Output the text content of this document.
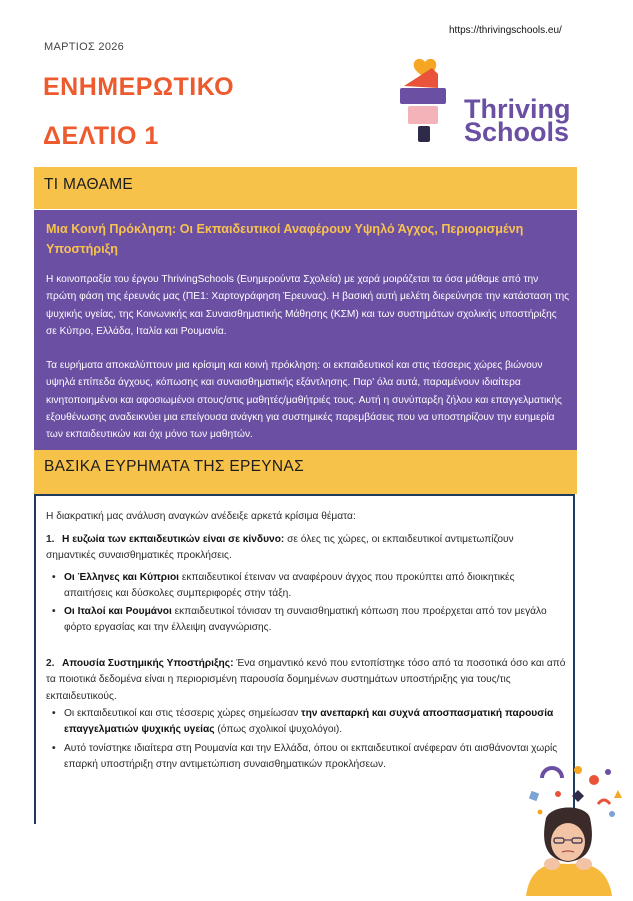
ΜΑΡΤΙΟΣ 2026
https://thrivingschools.eu/
ΕΝΗΜΕΡΩΤΙΚΟ
ΔΕΛΤΙΟ 1
Thriving
Schools
ΤΙ ΜΑΘΑΜΕ
Μια Κοινή Πρόκληση: Οι Εκπαιδευτικοί Αναφέρουν Υψηλό Άγχος, Περιορισμένη Υποστήριξη
Η κοινοπραξία του έργου ThrivingSchools (Ευημερούντα Σχολεία) με χαρά μοιράζεται τα όσα μάθαμε από την πρώτη φάση της έρευνάς μας (ΠΕ1: Χαρτογράφηση Έρευνας). Η βασική αυτή μελέτη διερεύνησε την κατάσταση της ψυχικής υγείας, της Κοινωνικής και Συναισθηματικής Μάθησης (ΚΣΜ) και των συστημάτων σχολικής υποστήριξης σε Κύπρο, Ελλάδα, Ιταλία και Ρουμανία.
Τα ευρήματα αποκαλύπτουν μια κρίσιμη και κοινή πρόκληση: οι εκπαιδευτικοί και στις τέσσερις χώρες βιώνουν υψηλά επίπεδα άγχους, κόπωσης και συναισθηματικής εξάντλησης. Παρ' όλα αυτά, παραμένουν ιδιαίτερα κινητοποιημένοι και αφοσιωμένοι στους/στις μαθητές/μαθήτριές τους. Αυτή η συνύπαρξη ζήλου και επαγγελματικής εξουθένωσης αναδεικνύει μια επείγουσα ανάγκη για συστημικές παρεμβάσεις που να υποστηρίζουν την ευημερία των εκπαιδευτικών και όχι μόνο των μαθητών.
ΒΑΣΙΚΑ ΕΥΡΗΜΑΤΑ ΤΗΣ ΕΡΕΥΝΑΣ
Η διακρατική μας ανάλυση αναγκών ανέδειξε αρκετά κρίσιμα θέματα:
1. Η ευζωία των εκπαιδευτικών είναι σε κίνδυνο: σε όλες τις χώρες, οι εκπαιδευτικοί αντιμετωπίζουν σημαντικές συναισθηματικές προκλήσεις.
• Οι Έλληνες και Κύπριοι εκπαιδευτικοί έτειναν να αναφέρουν άγχος που προκύπτει από διοικητικές απαιτήσεις και δύσκολες συμπεριφορές στην τάξη.
• Οι Ιταλοί και Ρουμάνοι εκπαιδευτικοί τόνισαν τη συναισθηματική κόπωση που προέρχεται από τον μεγάλο φόρτο εργασίας και την έλλειψη αναγνώρισης.
2. Απουσία Συστημικής Υποστήριξης: Ένα σημαντικό κενό που εντοπίστηκε τόσο από τα ποσοτικά όσο και από τα ποιοτικά δεδομένα είναι η περιορισμένη παρουσία δομημένων συστημάτων υποστήριξης για τους/τις εκπαιδευτικούς.
• Οι εκπαιδευτικοί και στις τέσσερις χώρες σημείωσαν την ανεπαρκή και συχνά αποσπασματική παρουσία επαγγελματιών ψυχικής υγείας (όπως σχολικοί ψυχολόγοι).
• Αυτό τονίστηκε ιδιαίτερα στη Ρουμανία και την Ελλάδα, όπου οι εκπαιδευτικοί ανέφεραν ότι αισθάνονται χωρίς επαρκή υποστήριξη στην αντιμετώπιση συναισθηματικών προκλήσεων.
